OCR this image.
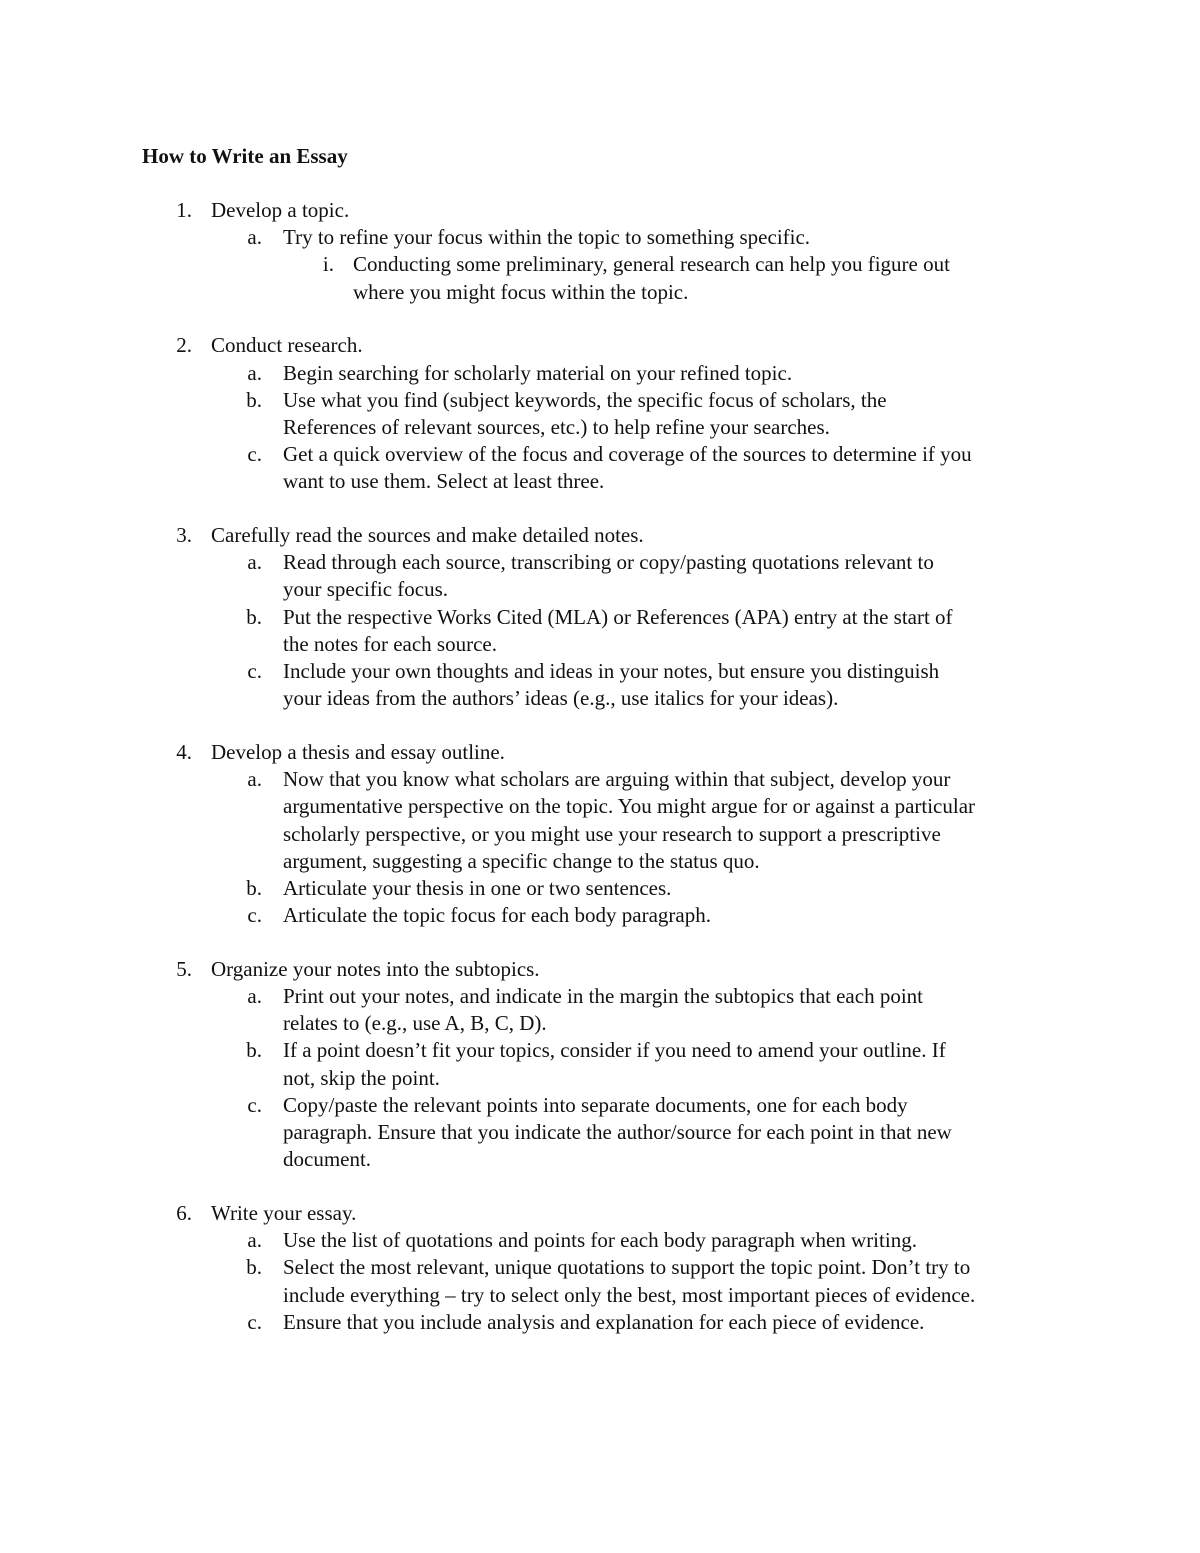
How to Write an Essay
1. Develop a topic.
a. Try to refine your focus within the topic to something specific.
i. Conducting some preliminary, general research can help you figure out
where you might focus within the topic.
2. Conduct research.
a. Begin searching for scholarly material on your refined topic.
b. Use what you find (subject keywords, the specific focus of scholars, the
References of relevant sources, etc.) to help refine your searches.
c. Get a quick overview of the focus and coverage of the sources to determine if you
want to use them. Select at least three.
3. Carefully read the sources and make detailed notes.
a. Read through each source, transcribing or copy/pasting quotations relevant to
your specific focus.
b. Put the respective Works Cited (MLA) or References (APA) entry at the start of
the notes for each source.
c. Include your own thoughts and ideas in your notes, but ensure you distinguish
your ideas from the authors’ ideas (e.g., use italics for your ideas).
4. Develop a thesis and essay outline.
a. Now that you know what scholars are arguing within that subject, develop your
argumentative perspective on the topic. You might argue for or against a particular
scholarly perspective, or you might use your research to support a prescriptive
argument, suggesting a specific change to the status quo.
b. Articulate your thesis in one or two sentences.
c. Articulate the topic focus for each body paragraph.
5. Organize your notes into the subtopics.
a. Print out your notes, and indicate in the margin the subtopics that each point
relates to (e.g., use A, B, C, D).
b. If a point doesn’t fit your topics, consider if you need to amend your outline. If
not, skip the point.
c. Copy/paste the relevant points into separate documents, one for each body
paragraph. Ensure that you indicate the author/source for each point in that new
document.
6. Write your essay.
a. Use the list of quotations and points for each body paragraph when writing.
b. Select the most relevant, unique quotations to support the topic point. Don’t try to
include everything – try to select only the best, most important pieces of evidence.
c. Ensure that you include analysis and explanation for each piece of evidence.
